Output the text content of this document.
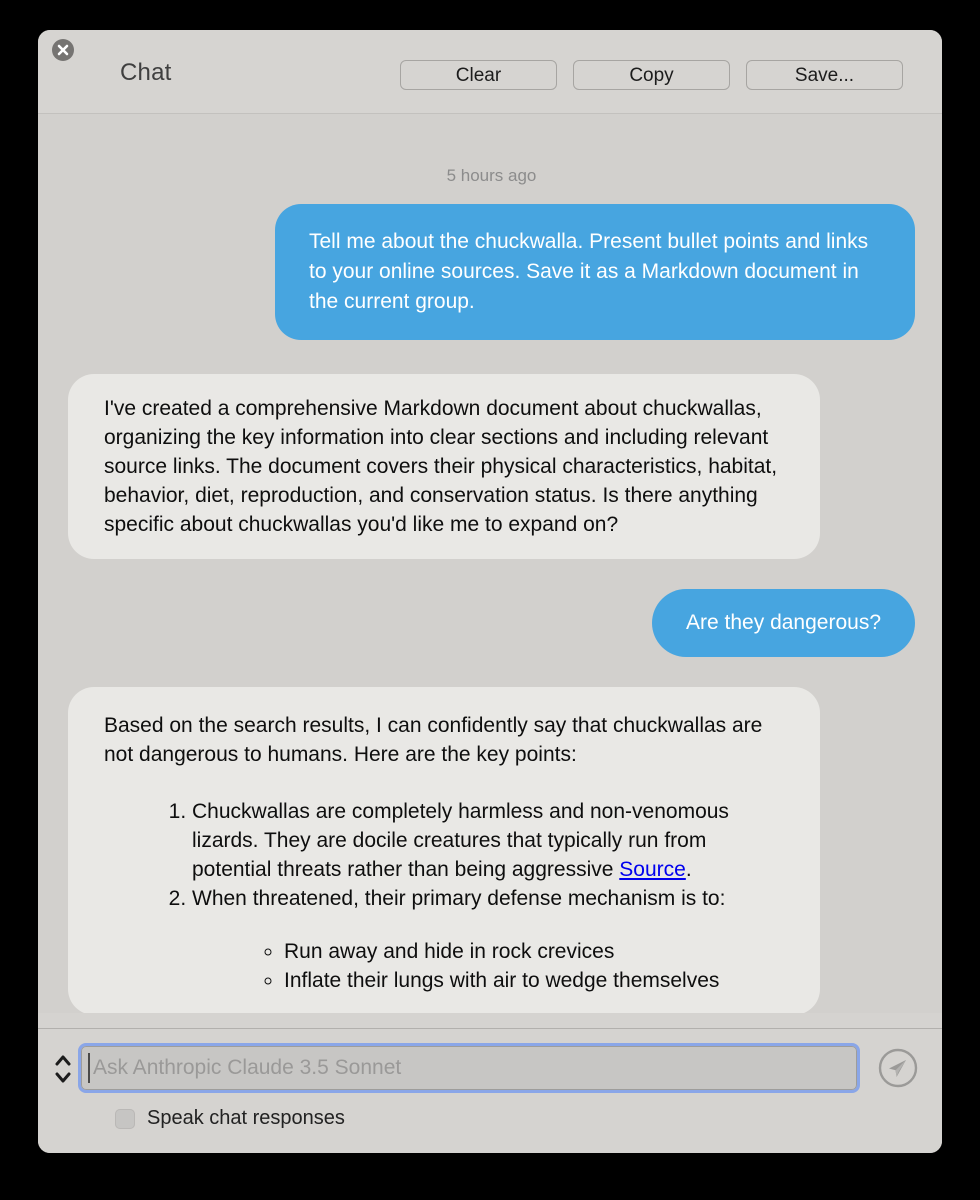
Chat	Clear	Copy	Save...
5 hours ago
Tell me about the chuckwalla. Present bullet points and links to your online sources. Save it as a Markdown document in the current group.

I've created a comprehensive Markdown document about chuckwallas, organizing the key information into clear sections and including relevant source links. The document covers their physical characteristics, habitat, behavior, diet, reproduction, and conservation status. Is there anything specific about chuckwallas you'd like me to expand on?

Are they dangerous?

Based on the search results, I can confidently say that chuckwallas are not dangerous to humans. Here are the key points:

1. Chuckwallas are completely harmless and non-venomous lizards. They are docile creatures that typically run from potential threats rather than being aggressive Source.
2. When threatened, their primary defense mechanism is to:
◦ Run away and hide in rock crevices
◦ Inflate their lungs with air to wedge themselves
Ask Anthropic Claude 3.5 Sonnet
Speak chat responses
